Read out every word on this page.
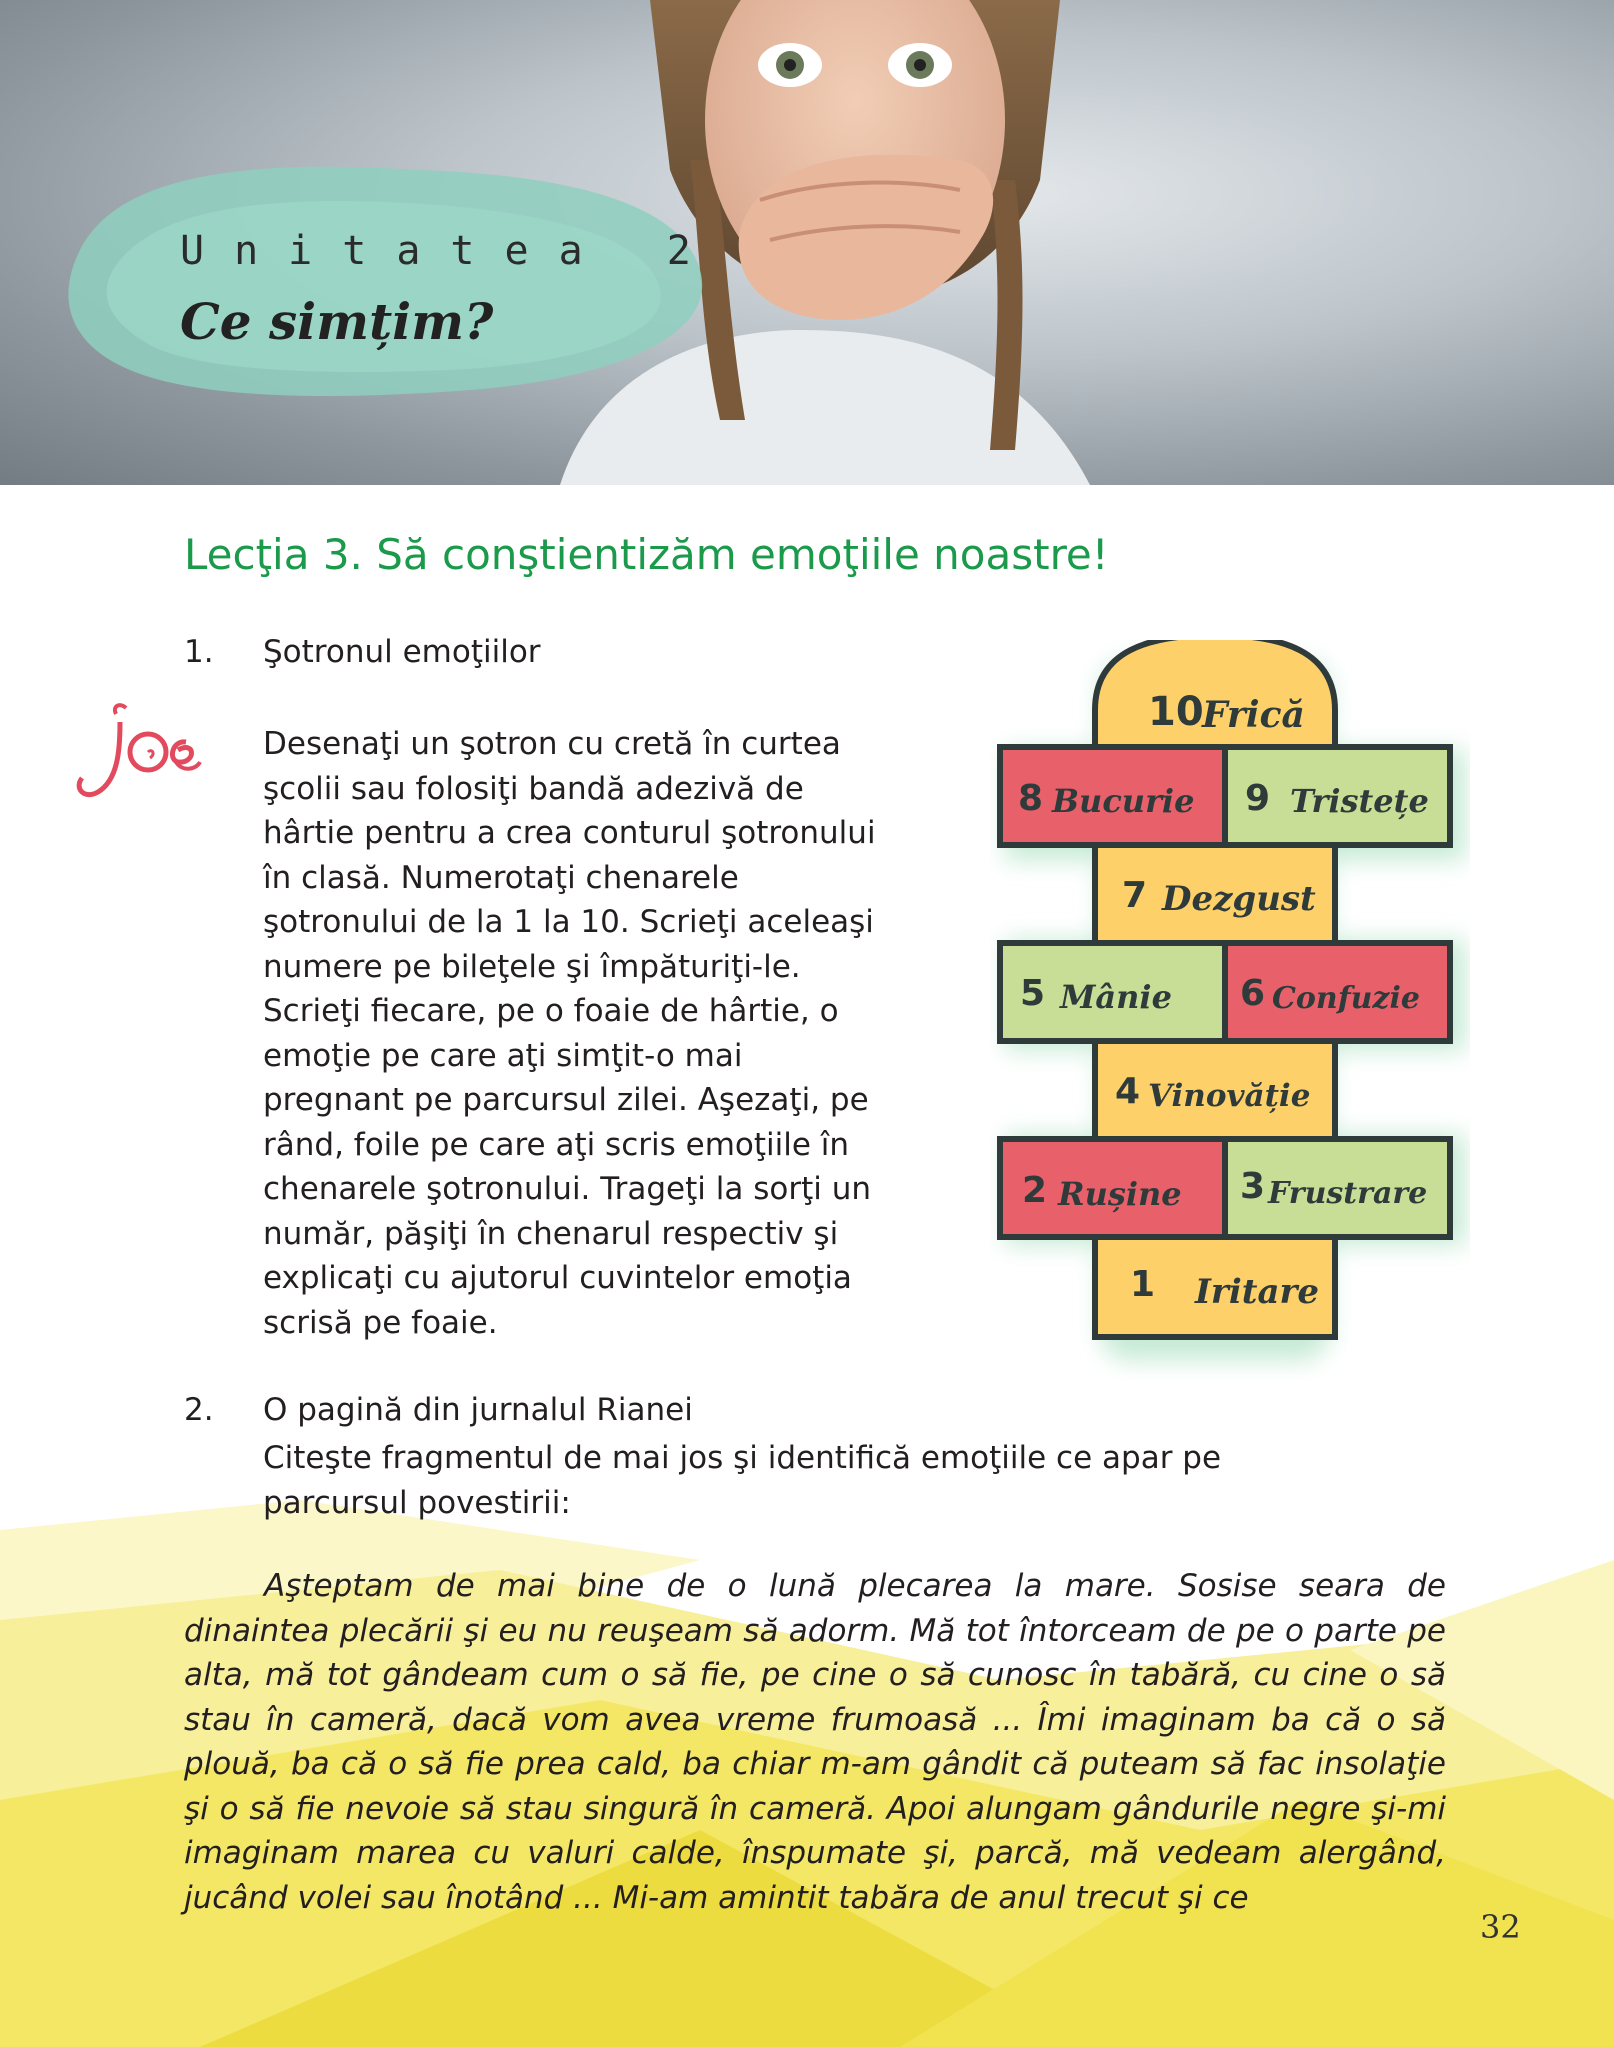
Unitatea 2
Ce simțim?
Lecţia 3. Să conştientizăm emoţiile noastre!
1. Şotronul emoţiilor
joe
Desenaţi un şotron cu cretă în curtea
şcolii sau folosiţi bandă adezivă de
hârtie pentru a crea conturul şotronului
în clasă. Numerotaţi chenarele
şotronului de la 1 la 10. Scrieţi aceleaşi
numere pe bileţele şi împăturiţi-le.
Scrieţi fiecare, pe o foaie de hârtie, o
emoţie pe care aţi simţit-o mai
pregnant pe parcursul zilei. Aşezaţi, pe
rând, foile pe care aţi scris emoţiile în
chenarele şotronului. Trageţi la sorţi un
număr, păşiţi în chenarul respectiv şi
explicaţi cu ajutorul cuvintelor emoţia
scrisă pe foaie.
10
Frică
8 Bucurie 9 Tristețe
7 Dezgust
5 Mânie 6 Confuzie
4 Vinovăție
2 Rușine 3 Frustrare
1 Iritare
2. O pagină din jurnalul Rianei
Citeşte fragmentul de mai jos şi identifică emoţiile ce apar pe parcursul povestirii:
Aşteptam de mai bine de o lună plecarea la mare. Sosise seara de dinaintea plecării şi eu nu reuşeam să adorm. Mă tot întorceam de pe o parte pe alta, mă tot gândeam cum o să fie, pe cine o să cunosc în tabără, cu cine o să stau în cameră, dacă vom avea vreme frumoasă ... Îmi imaginam ba că o să plouă, ba că o să fie prea cald, ba chiar m-am gândit că puteam să fac insolaţie şi o să fie nevoie să stau singură în cameră. Apoi alungam gândurile negre şi-mi imaginam marea cu valuri calde, înspumate şi, parcă, mă vedeam alergând, jucând volei sau înotând ... Mi-am amintit tabăra de anul trecut şi ce
32
